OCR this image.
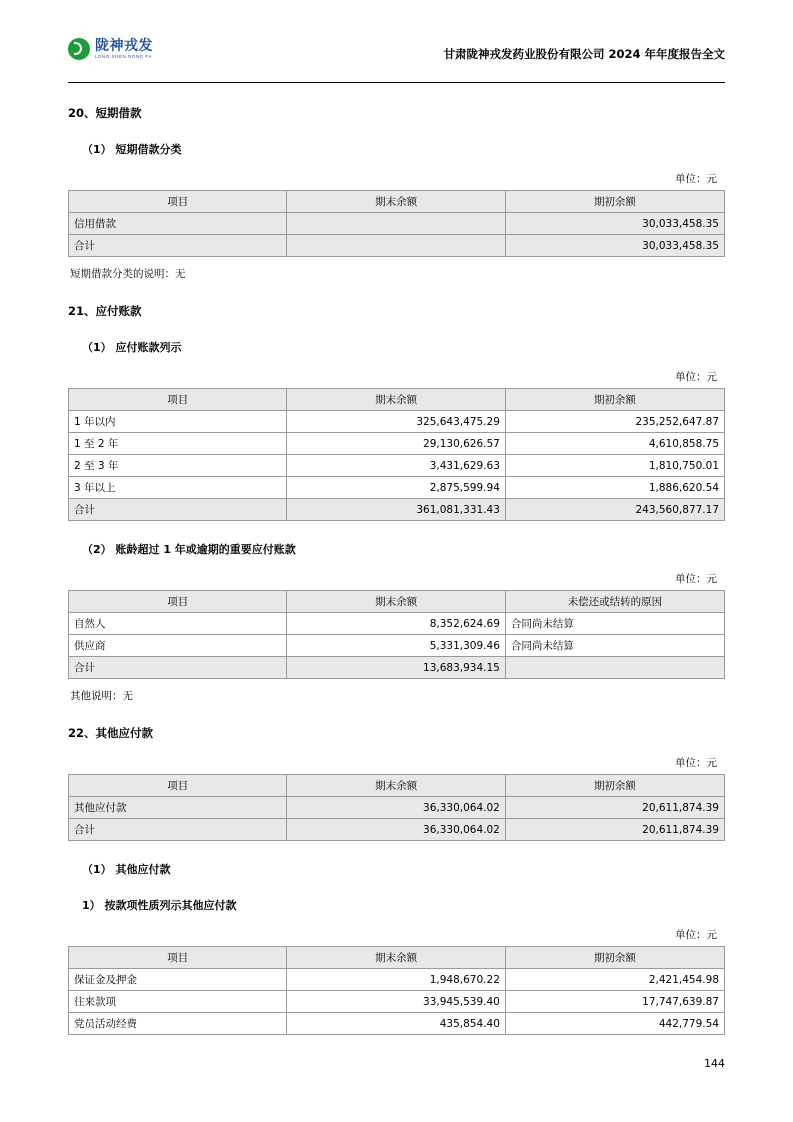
陇神戎发
LONG SHEN RONG FA	甘肃陇神戎发药业股份有限公司 2024 年年度报告全文
20、短期借款
（1） 短期借款分类
单位：元
项目	期末余额	期初余额
信用借款		30,033,458.35
合计		30,033,458.35
短期借款分类的说明：无
21、应付账款
（1） 应付账款列示
单位：元
项目	期末余额	期初余额
1 年以内	325,643,475.29	235,252,647.87
1 至 2 年	29,130,626.57	4,610,858.75
2 至 3 年	3,431,629.63	1,810,750.01
3 年以上	2,875,599.94	1,886,620.54
合计	361,081,331.43	243,560,877.17
（2） 账龄超过 1 年或逾期的重要应付账款
单位：元
项目	期末余额	未偿还或结转的原因
自然人	8,352,624.69	合同尚未结算
供应商	5,331,309.46	合同尚未结算
合计	13,683,934.15	
其他说明：无
22、其他应付款
单位：元
项目	期末余额	期初余额
其他应付款	36,330,064.02	20,611,874.39
合计	36,330,064.02	20,611,874.39
（1） 其他应付款
1） 按款项性质列示其他应付款
单位：元
项目	期末余额	期初余额
保证金及押金	1,948,670.22	2,421,454.98
往来款项	33,945,539.40	17,747,639.87
党员活动经费	435,854.40	442,779.54
144
